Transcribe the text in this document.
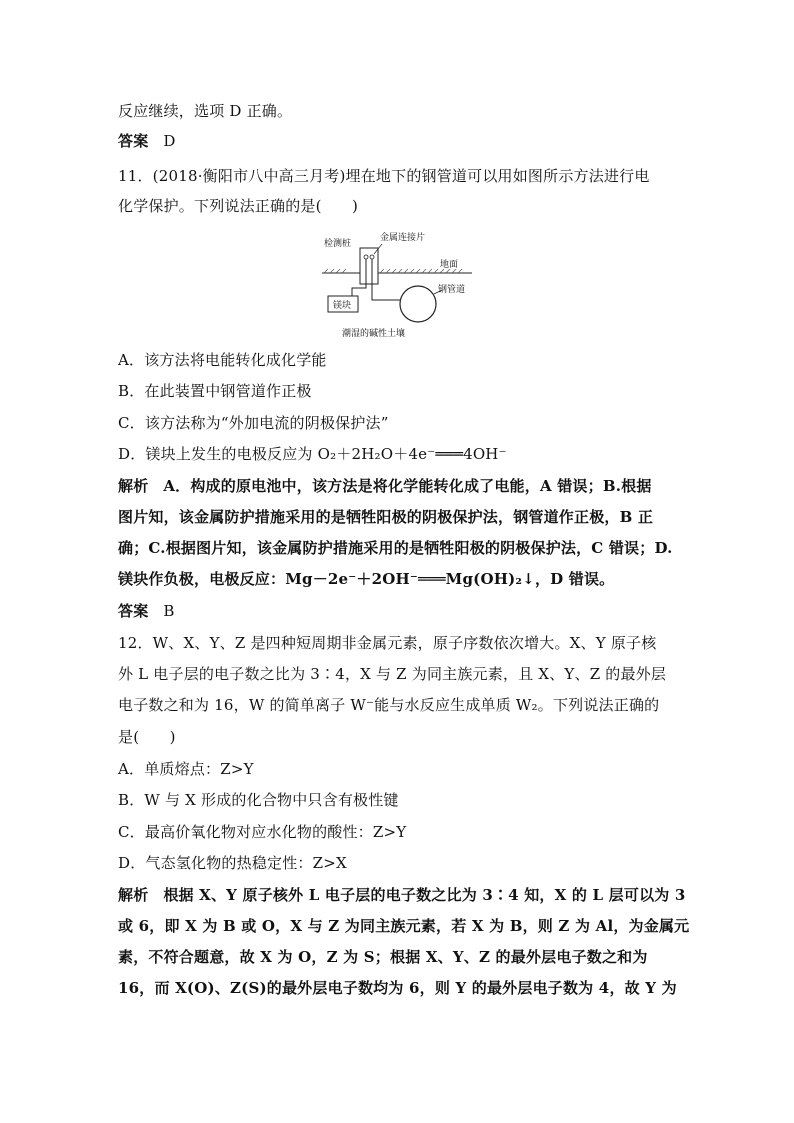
反应继续，选项 D 正确。
答案 D
11．(2018·衡阳市八中高三月考)埋在地下的钢管道可以用如图所示方法进行电
化学保护。下列说法正确的是(　　)
检测桩
金属连接片
地面
镁块
钢管道
潮湿的碱性土壤
A．该方法将电能转化成化学能
B．在此装置中钢管道作正极
C．该方法称为“外加电流的阴极保护法”
D．镁块上发生的电极反应为 O₂＋2H₂O＋4e⁻═══4OH⁻
解析 A．构成的原电池中，该方法是将化学能转化成了电能，A 错误；B.根据
图片知，该金属防护措施采用的是牺牲阳极的阴极保护法，钢管道作正极，B 正
确；C.根据图片知，该金属防护措施采用的是牺牲阳极的阴极保护法，C 错误；D.
镁块作负极，电极反应：Mg－2e⁻＋2OH⁻═══Mg(OH)₂↓，D 错误。
答案 B
12．W、X、Y、Z 是四种短周期非金属元素，原子序数依次增大。X、Y 原子核
外 L 电子层的电子数之比为 3∶4，X 与 Z 为同主族元素，且 X、Y、Z 的最外层
电子数之和为 16，W 的简单离子 W⁻能与水反应生成单质 W₂。下列说法正确的
是(　　)
A．单质熔点：Z>Y
B．W 与 X 形成的化合物中只含有极性键
C．最高价氧化物对应水化物的酸性：Z>Y
D．气态氢化物的热稳定性：Z>X
解析 根据 X、Y 原子核外 L 电子层的电子数之比为 3∶4 知，X 的 L 层可以为 3
或 6，即 X 为 B 或 O，X 与 Z 为同主族元素，若 X 为 B，则 Z 为 Al，为金属元
素，不符合题意，故 X 为 O，Z 为 S；根据 X、Y、Z 的最外层电子数之和为
16，而 X(O)、Z(S)的最外层电子数均为 6，则 Y 的最外层电子数为 4，故 Y 为
